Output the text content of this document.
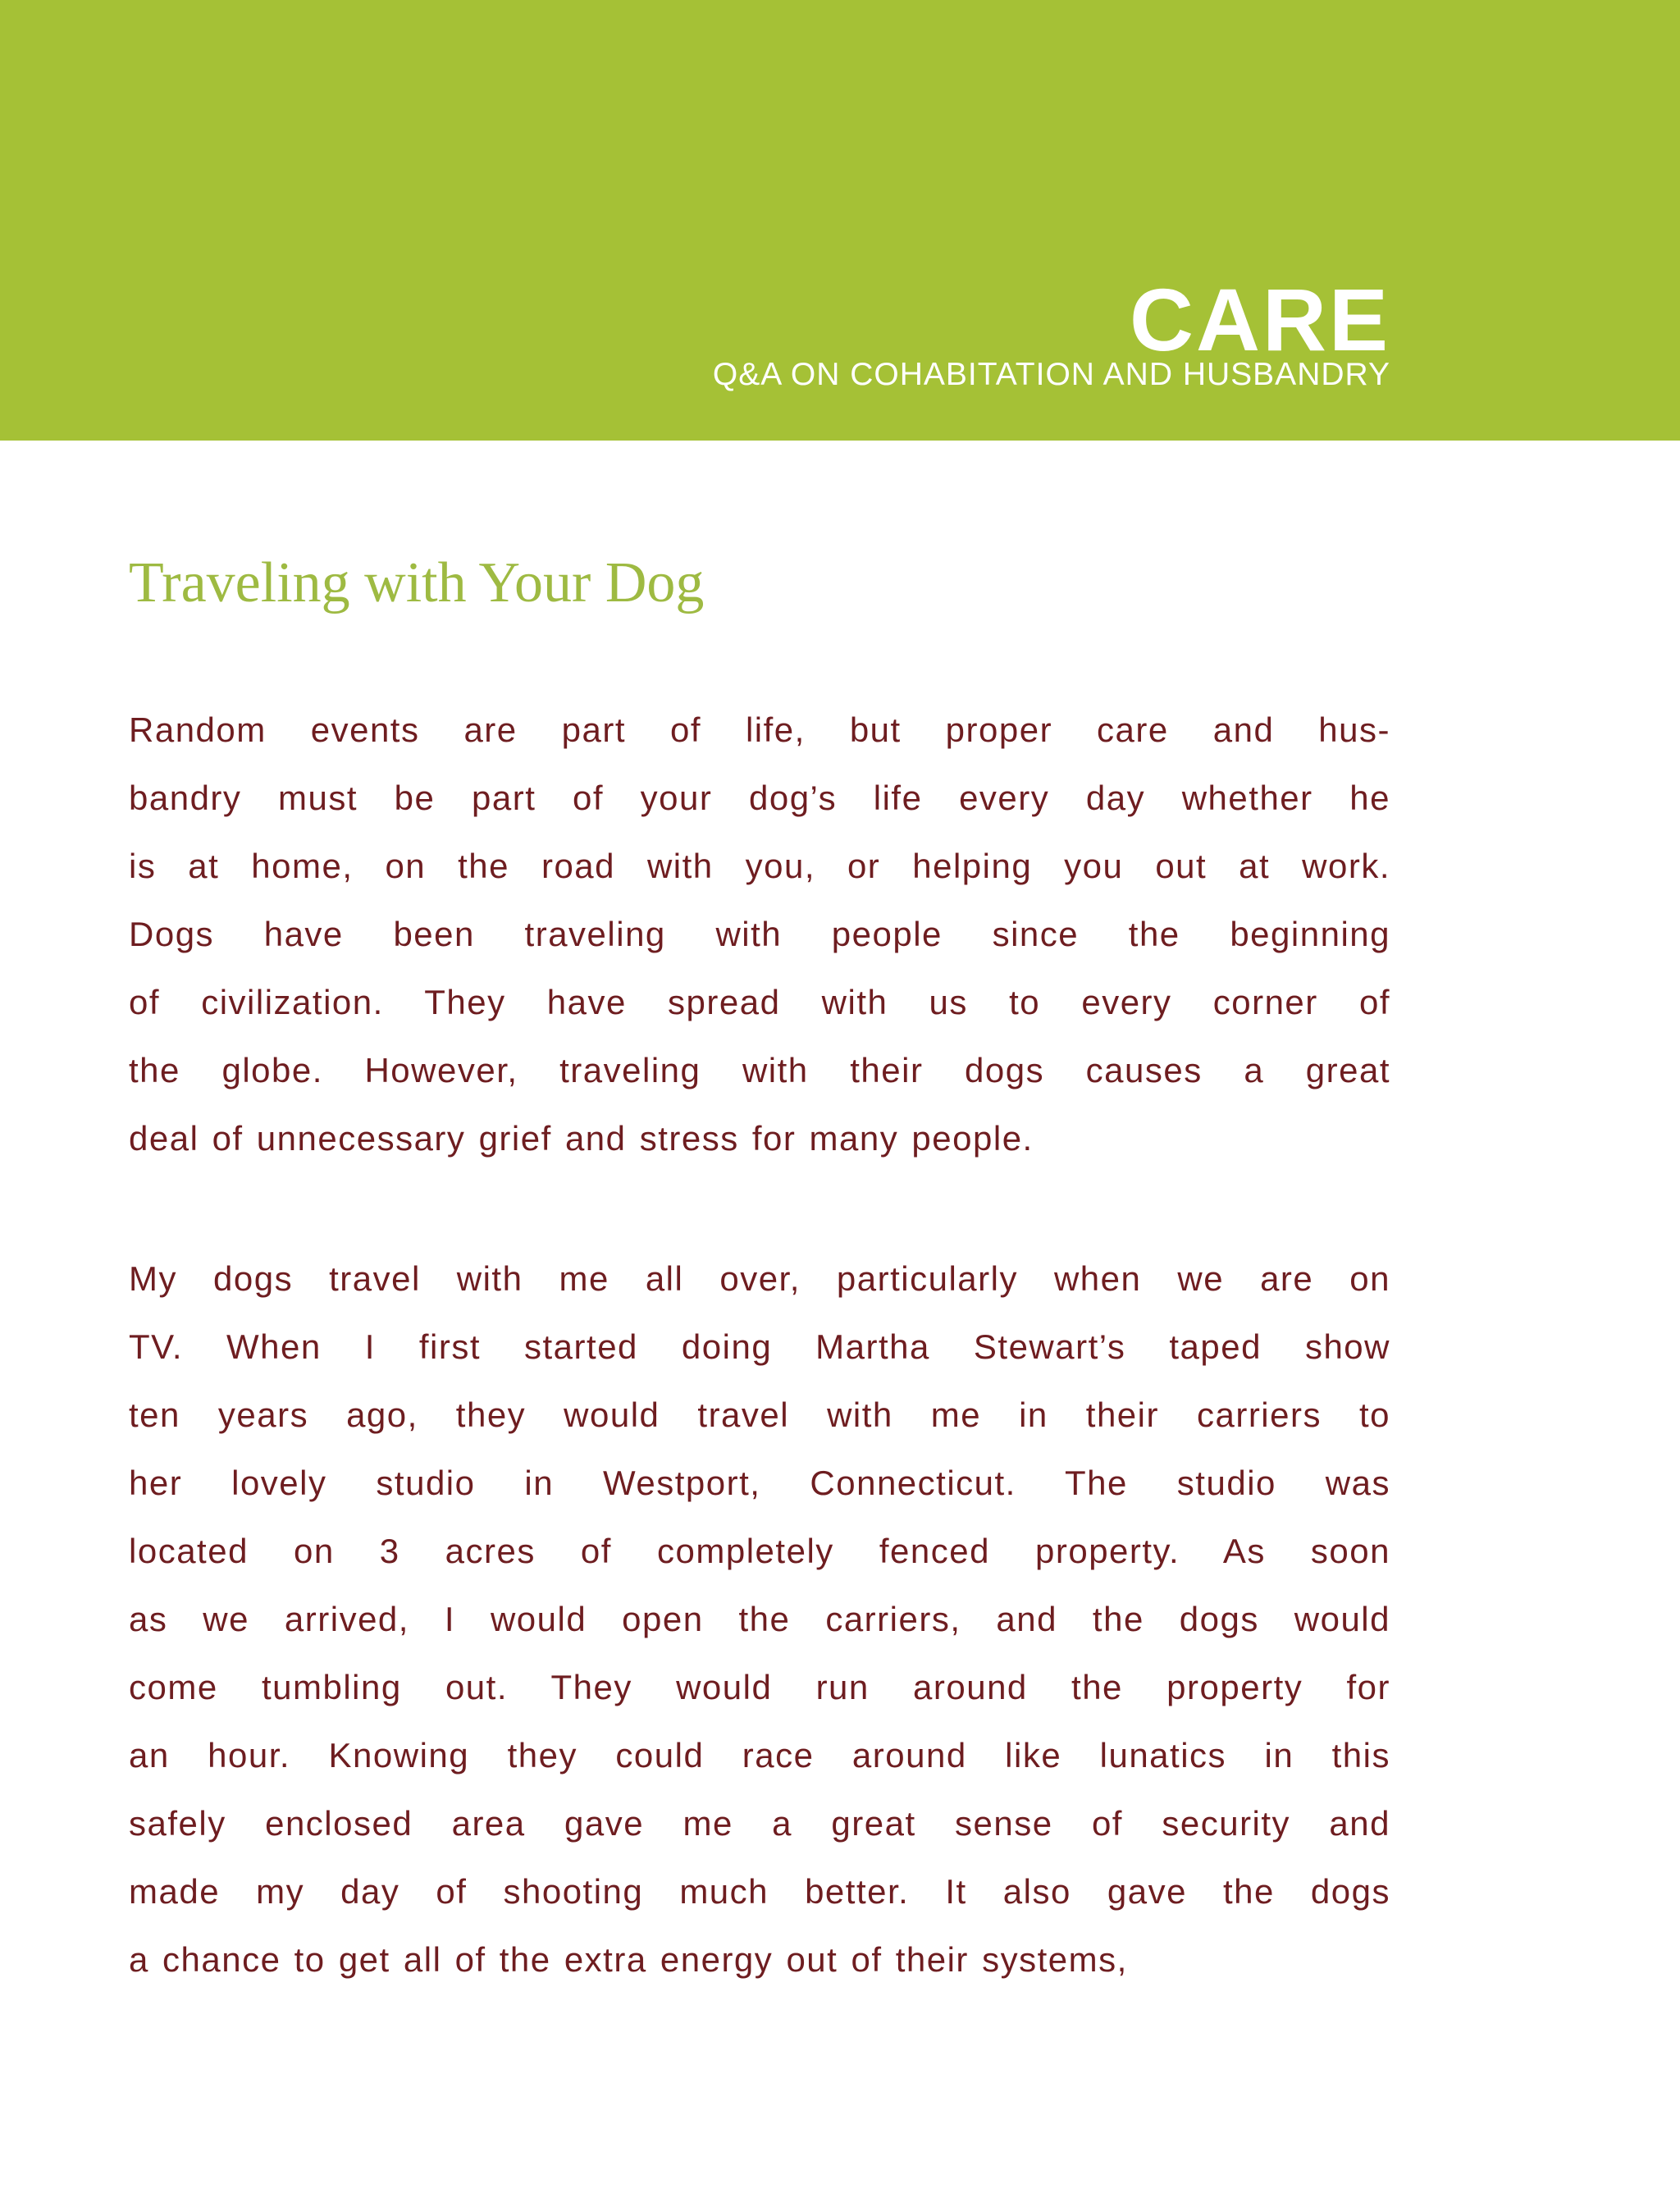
CARE
Q&A ON COHABITATION AND HUSBANDRY
Traveling with Your Dog
Random events are part of life, but proper care and hus-
bandry must be part of your dog’s life every day whether he
is at home, on the road with you, or helping you out at work.
Dogs have been traveling with people since the beginning
of civilization. They have spread with us to every corner of
the globe. However, traveling with their dogs causes a great
deal of unnecessary grief and stress for many people.
My dogs travel with me all over, particularly when we are on
TV. When I first started doing Martha Stewart’s taped show
ten years ago, they would travel with me in their carriers to
her lovely studio in Westport, Connecticut. The studio was
located on 3 acres of completely fenced property. As soon
as we arrived, I would open the carriers, and the dogs would
come tumbling out. They would run around the property for
an hour. Knowing they could race around like lunatics in this
safely enclosed area gave me a great sense of security and
made my day of shooting much better. It also gave the dogs
a chance to get all of the extra energy out of their systems,
